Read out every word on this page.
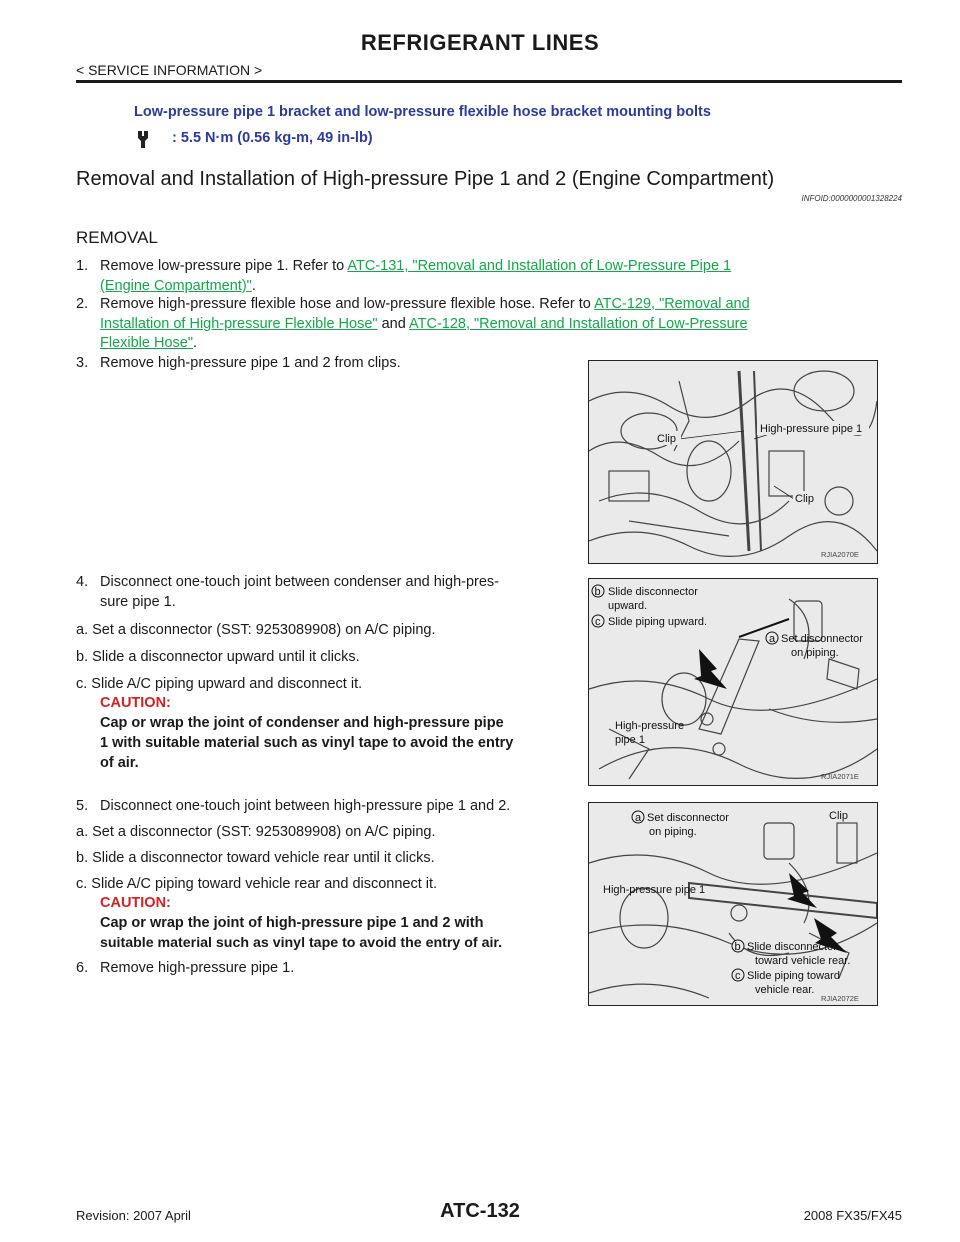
REFRIGERANT LINES
< SERVICE INFORMATION >
Low-pressure pipe 1 bracket and low-pressure flexible hose bracket mounting bolts
: 5.5 N·m (0.56 kg-m, 49 in-lb)
Removal and Installation of High-pressure Pipe 1 and 2 (Engine Compartment)
INFOID:0000000001328224
REMOVAL
1. Remove low-pressure pipe 1. Refer to ATC-131, "Removal and Installation of Low-Pressure Pipe 1
(Engine Compartment)".
2. Remove high-pressure flexible hose and low-pressure flexible hose. Refer to ATC-129, "Removal and
Installation of High-pressure Flexible Hose" and ATC-128, "Removal and Installation of Low-Pressure
Flexible Hose".
3. Remove high-pressure pipe 1 and 2 from clips.
High-pressure pipe 1
Clip
Clip
RJIA2070E
4. Disconnect one-touch joint between condenser and high-pres-
sure pipe 1.
a. Set a disconnector (SST: 9253089908) on A/C piping.
b. Slide a disconnector upward until it clicks.
c. Slide A/C piping upward and disconnect it.
CAUTION:
Cap or wrap the joint of condenser and high-pressure pipe
1 with suitable material such as vinyl tape to avoid the entry
of air.
b Slide disconnector
upward.
c Slide piping upward.
a Set disconnector
on piping.
High-pressure
pipe 1
RJIA2071E
5. Disconnect one-touch joint between high-pressure pipe 1 and 2.
a. Set a disconnector (SST: 9253089908) on A/C piping.
b. Slide a disconnector toward vehicle rear until it clicks.
c. Slide A/C piping toward vehicle rear and disconnect it.
CAUTION:
Cap or wrap the joint of high-pressure pipe 1 and 2 with
suitable material such as vinyl tape to avoid the entry of air.
6. Remove high-pressure pipe 1.
a Set disconnector
on piping.
Clip
High-pressure pipe 1
b Slide disconnector
toward vehicle rear.
c Slide piping toward
vehicle rear.
RJIA2072E
Revision: 2007 April	ATC-132	2008 FX35/FX45
